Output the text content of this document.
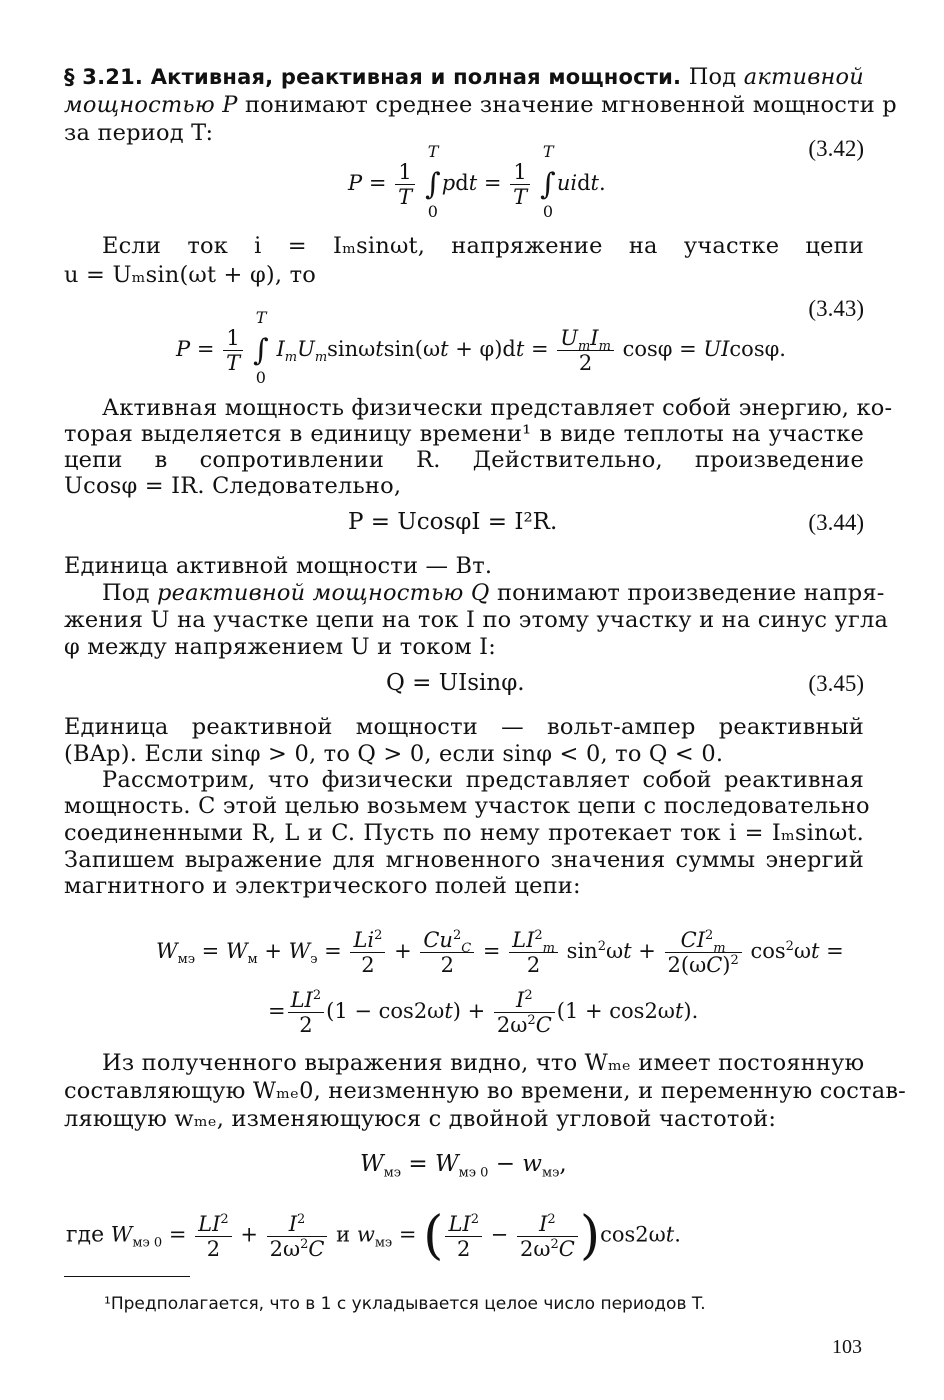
§ 3.21. Активная, реактивная и полная мощности. Под активной
мощностью P понимают среднее значение мгновенной мощности p
за период T:
$P = \frac{1}{T}$ ∫
T
0
pdt = $\frac{1}{T}$ ∫
T
0
uidt.
(3.42)
Если ток i = Iₘsinωt, напряжение на участке цепи
u = Uₘsin(ωt + φ), то
$P = \frac{1}{T}$ ∫
T
0
$I_mU_m\sin\omega tsin(\omega t + \varphi)dt = U_mI_m$
2
cosφ = UIcosφ.
(3.43)
Активная мощность физически представляет собой энергию, ко-
торая выделяется в единицу времени¹ в виде теплоты на участке
цепи в сопротивлении R. Действительно, произведение
Ucosφ = IR. Следовательно,
P = UcosφI = I²R.	(3.44)
Единица активной мощности — Вт.
Под реактивной мощностью Q понимают произведение напря-
жения U на участке цепи на ток I по этому участку и на синус угла
φ между напряжением U и током I:
Q = UIsinφ.	(3.45)
Единица реактивной мощности — вольт-ампер реактивный
(BAp). Если sinφ > 0, то Q > 0, если sinφ < 0, то Q < 0.
Рассмотрим, что физически представляет собой реактивная
мощность. С этой целью возьмем участок цепи с последовательно
соединенными R, L и C. Пусть по нему протекает ток i = Iₘsinωt.
Запишем выражение для мгновенного значения суммы энергий
магнитного и электрического полей цепи:
$W_{мэ} = W_м + W_э = \frac{Li^2}{2} + \frac{Cu^2_C}{2} = \frac{LI^2_m}{2} \sin^2\omega t + \frac{CI^2_m}{2(\omega C)^2} \cos^2\omega t$ =
= $\frac{LI^2}{2} (1 - \cos 2\omega t) + \frac{I^2}{2\omega^2C} (1 + \cos 2\omega t)$.
Из полученного выражения видно, что Wₘₑ имеет постоянную
составляющую Wₘₑ0, неизменную во времени, и переменную состав-
ляющую wₘₑ, изменяющуюся с двойной угловой частотой:
$W_{мэ} = W_{мэ 0} - w_{мэ}$,
где $W_{мэ 0} = \frac{LI^2}{2} + \frac{I^2}{2\omega^2C}$ и $w_{мэ}$ = ( $\frac{LI^2}{2} - \frac{I^2}{2\omega^2C} )\cos 2\omega t$.
¹Предполагается, что в 1 с укладывается целое число периодов T.
103
